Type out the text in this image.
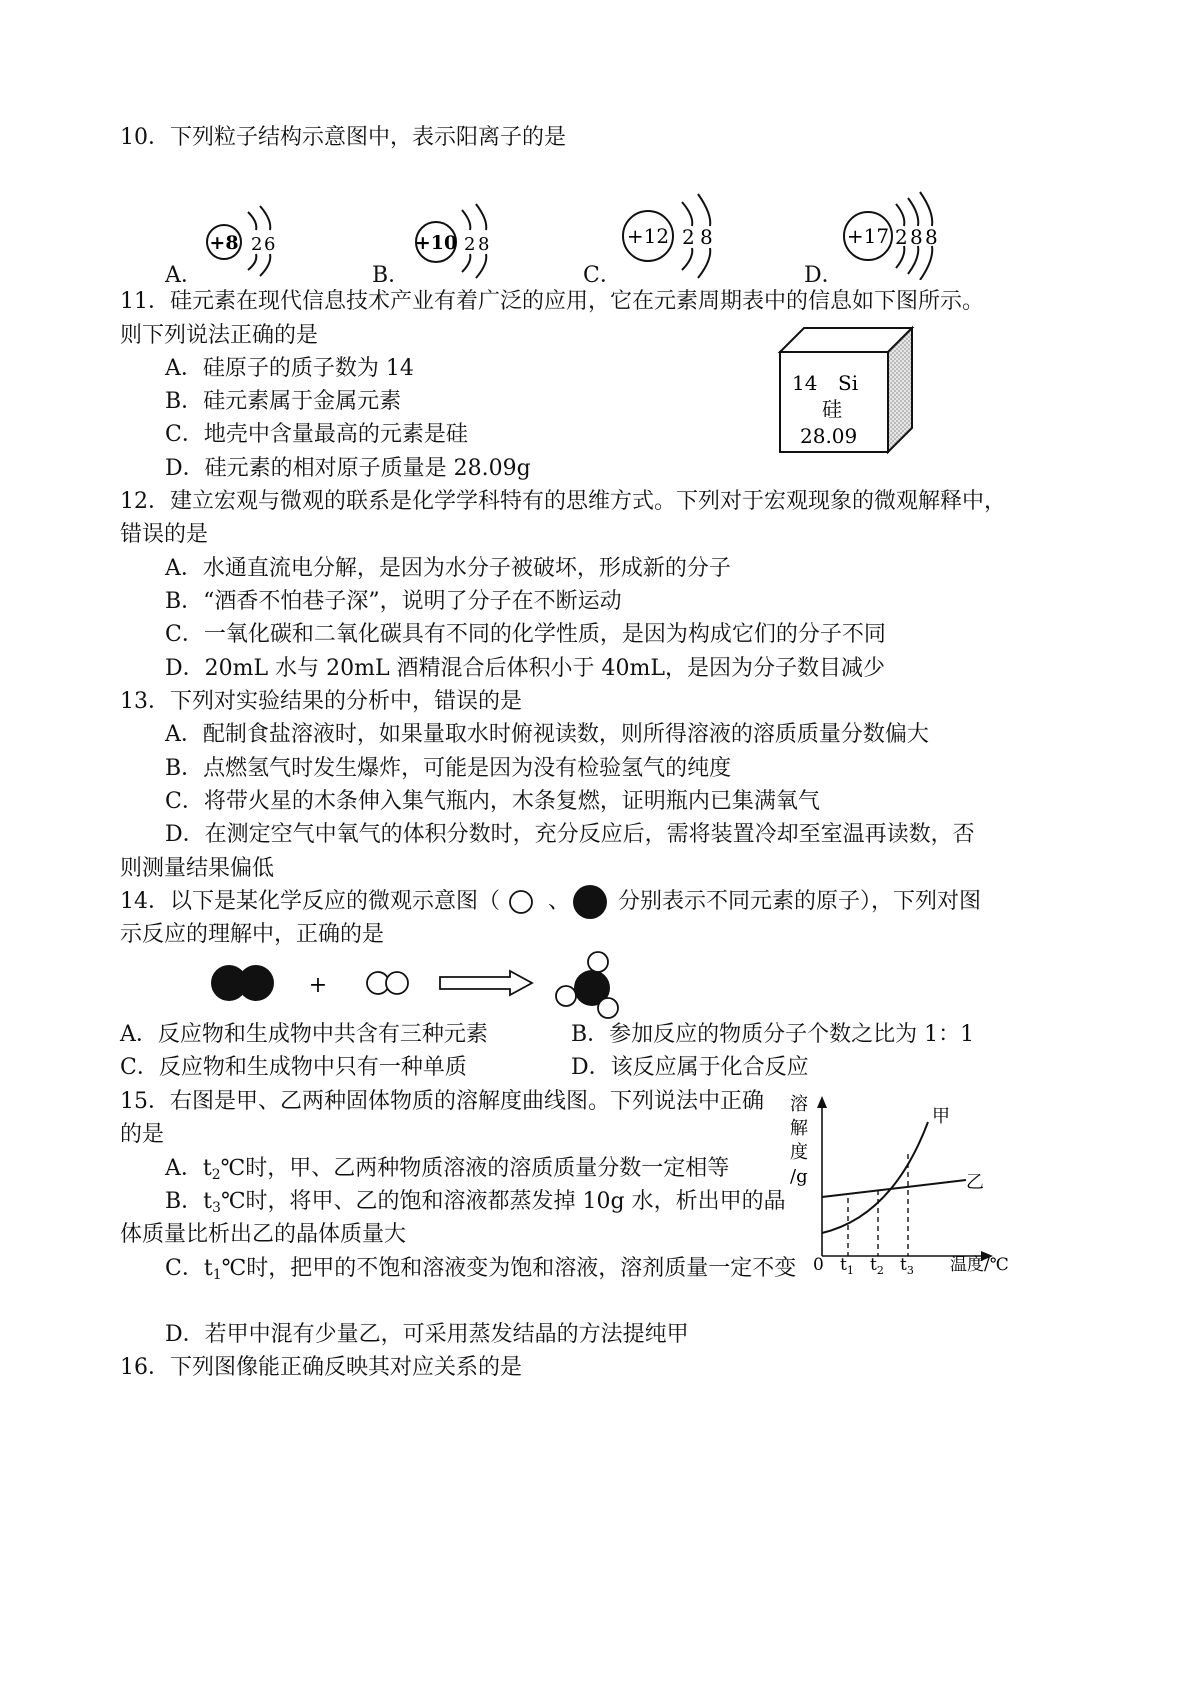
10．下列粒子结构示意图中，表示阳离子的是
A．
+8 2 6
B．
+10 2 8
C．
+12 2 8
D．
+17 2 8 8
11．硅元素在现代信息技术产业有着广泛的应用，它在元素周期表中的信息如下图所示。
则下列说法正确的是
A．硅原子的质子数为 14
B．硅元素属于金属元素
C．地壳中含量最高的元素是硅
D．硅元素的相对原子质量是 28.09g
14 Si
硅
28.09
12．建立宏观与微观的联系是化学学科特有的思维方式。下列对于宏观现象的微观解释中，
错误的是
A．水通直流电分解，是因为水分子被破坏，形成新的分子
B．“酒香不怕巷子深”，说明了分子在不断运动
C．一氧化碳和二氧化碳具有不同的化学性质，是因为构成它们的分子不同
D．20mL 水与 20mL 酒精混合后体积小于 40mL，是因为分子数目减少
13．下列对实验结果的分析中，错误的是
A．配制食盐溶液时，如果量取水时俯视读数，则所得溶液的溶质质量分数偏大
B．点燃氢气时发生爆炸，可能是因为没有检验氢气的纯度
C．将带火星的木条伸入集气瓶内，木条复燃，证明瓶内已集满氧气
D．在测定空气中氧气的体积分数时，充分反应后，需将装置冷却至室温再读数，否
则测量结果偏低
14．以下是某化学反应的微观示意图（ 、 分别表示不同元素的原子），下列对图
示反应的理解中，正确的是
+
A．反应物和生成物中共含有三种元素	B．参加反应的物质分子个数之比为 1：1
C．反应物和生成物中只有一种单质	D．该反应属于化合反应
15．右图是甲、乙两种固体物质的溶解度曲线图。下列说法中正确
的是
A．$t_2℃$时，甲、乙两种物质溶液的溶质质量分数一定相等
B．$t_3℃$时，将甲、乙的饱和溶液都蒸发掉 10g 水，析出甲的晶
体质量比析出乙的晶体质量大
C．$t_1℃$时，把甲的不饱和溶液变为饱和溶液，溶剂质量一定不变
D．若甲中混有少量乙，可采用蒸发结晶的方法提纯甲
溶
解
度
/g
甲
乙
0 $t_1$ $t_2$ $t_3$ 温度/℃
16．下列图像能正确反映其对应关系的是
